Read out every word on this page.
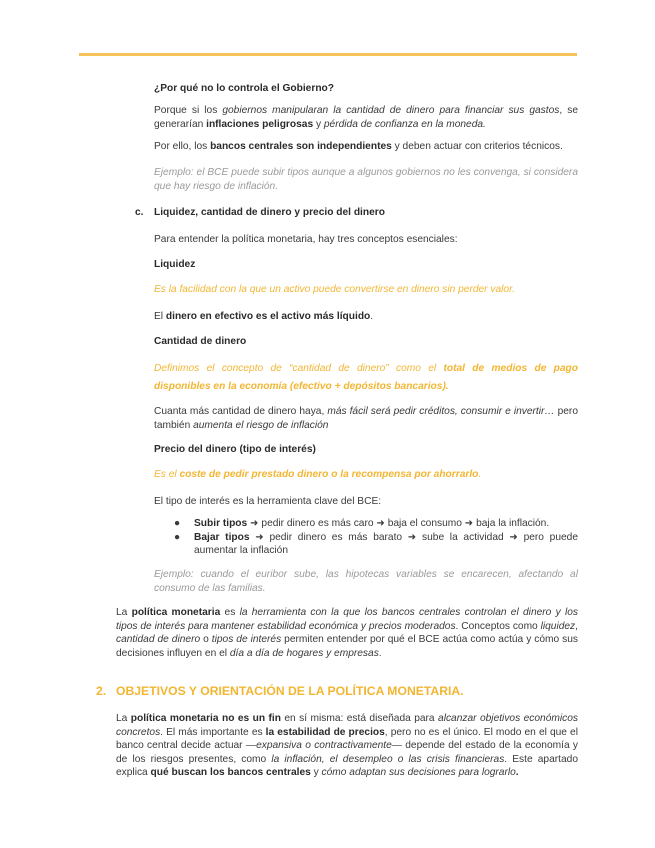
¿Por qué no lo controla el Gobierno?

Porque si los gobiernos manipularan la cantidad de dinero para financiar sus gastos, se generarían inflaciones peligrosas y pérdida de confianza en la moneda.

Por ello, los bancos centrales son independientes y deben actuar con criterios técnicos.

Ejemplo: el BCE puede subir tipos aunque a algunos gobiernos no les convenga, si considera que hay riesgo de inflación.

c. Liquidez, cantidad de dinero y precio del dinero

Para entender la política monetaria, hay tres conceptos esenciales:

Liquidez

Es la facilidad con la que un activo puede convertirse en dinero sin perder valor.

El dinero en efectivo es el activo más líquido.

Cantidad de dinero

Definimos el concepto de “cantidad de dinero” como el total de medios de pago disponibles en la economía (efectivo + depósitos bancarios).

Cuanta más cantidad de dinero haya, más fácil será pedir créditos, consumir e invertir… pero también aumenta el riesgo de inflación

Precio del dinero (tipo de interés)

Es el coste de pedir prestado dinero o la recompensa por ahorrarlo.

El tipo de interés es la herramienta clave del BCE:

● Subir tipos ➜ pedir dinero es más caro ➜ baja el consumo ➜ baja la inflación.
● Bajar tipos ➜ pedir dinero es más barato ➜ sube la actividad ➜ pero puede aumentar la inflación

Ejemplo: cuando el euribor sube, las hipotecas variables se encarecen, afectando al consumo de las familias.

La política monetaria es la herramienta con la que los bancos centrales controlan el dinero y los tipos de interés para mantener estabilidad económica y precios moderados. Conceptos como liquidez, cantidad de dinero o tipos de interés permiten entender por qué el BCE actúa como actúa y cómo sus decisiones influyen en el día a día de hogares y empresas.

2. OBJETIVOS Y ORIENTACIÓN DE LA POLÍTICA MONETARIA.

La política monetaria no es un fin en sí misma: está diseñada para alcanzar objetivos económicos concretos. El más importante es la estabilidad de precios, pero no es el único. El modo en el que el banco central decide actuar —expansiva o contractivamente— depende del estado de la economía y de los riesgos presentes, como la inflación, el desempleo o las crisis financieras. Este apartado explica qué buscan los bancos centrales y cómo adaptan sus decisiones para lograrlo.
